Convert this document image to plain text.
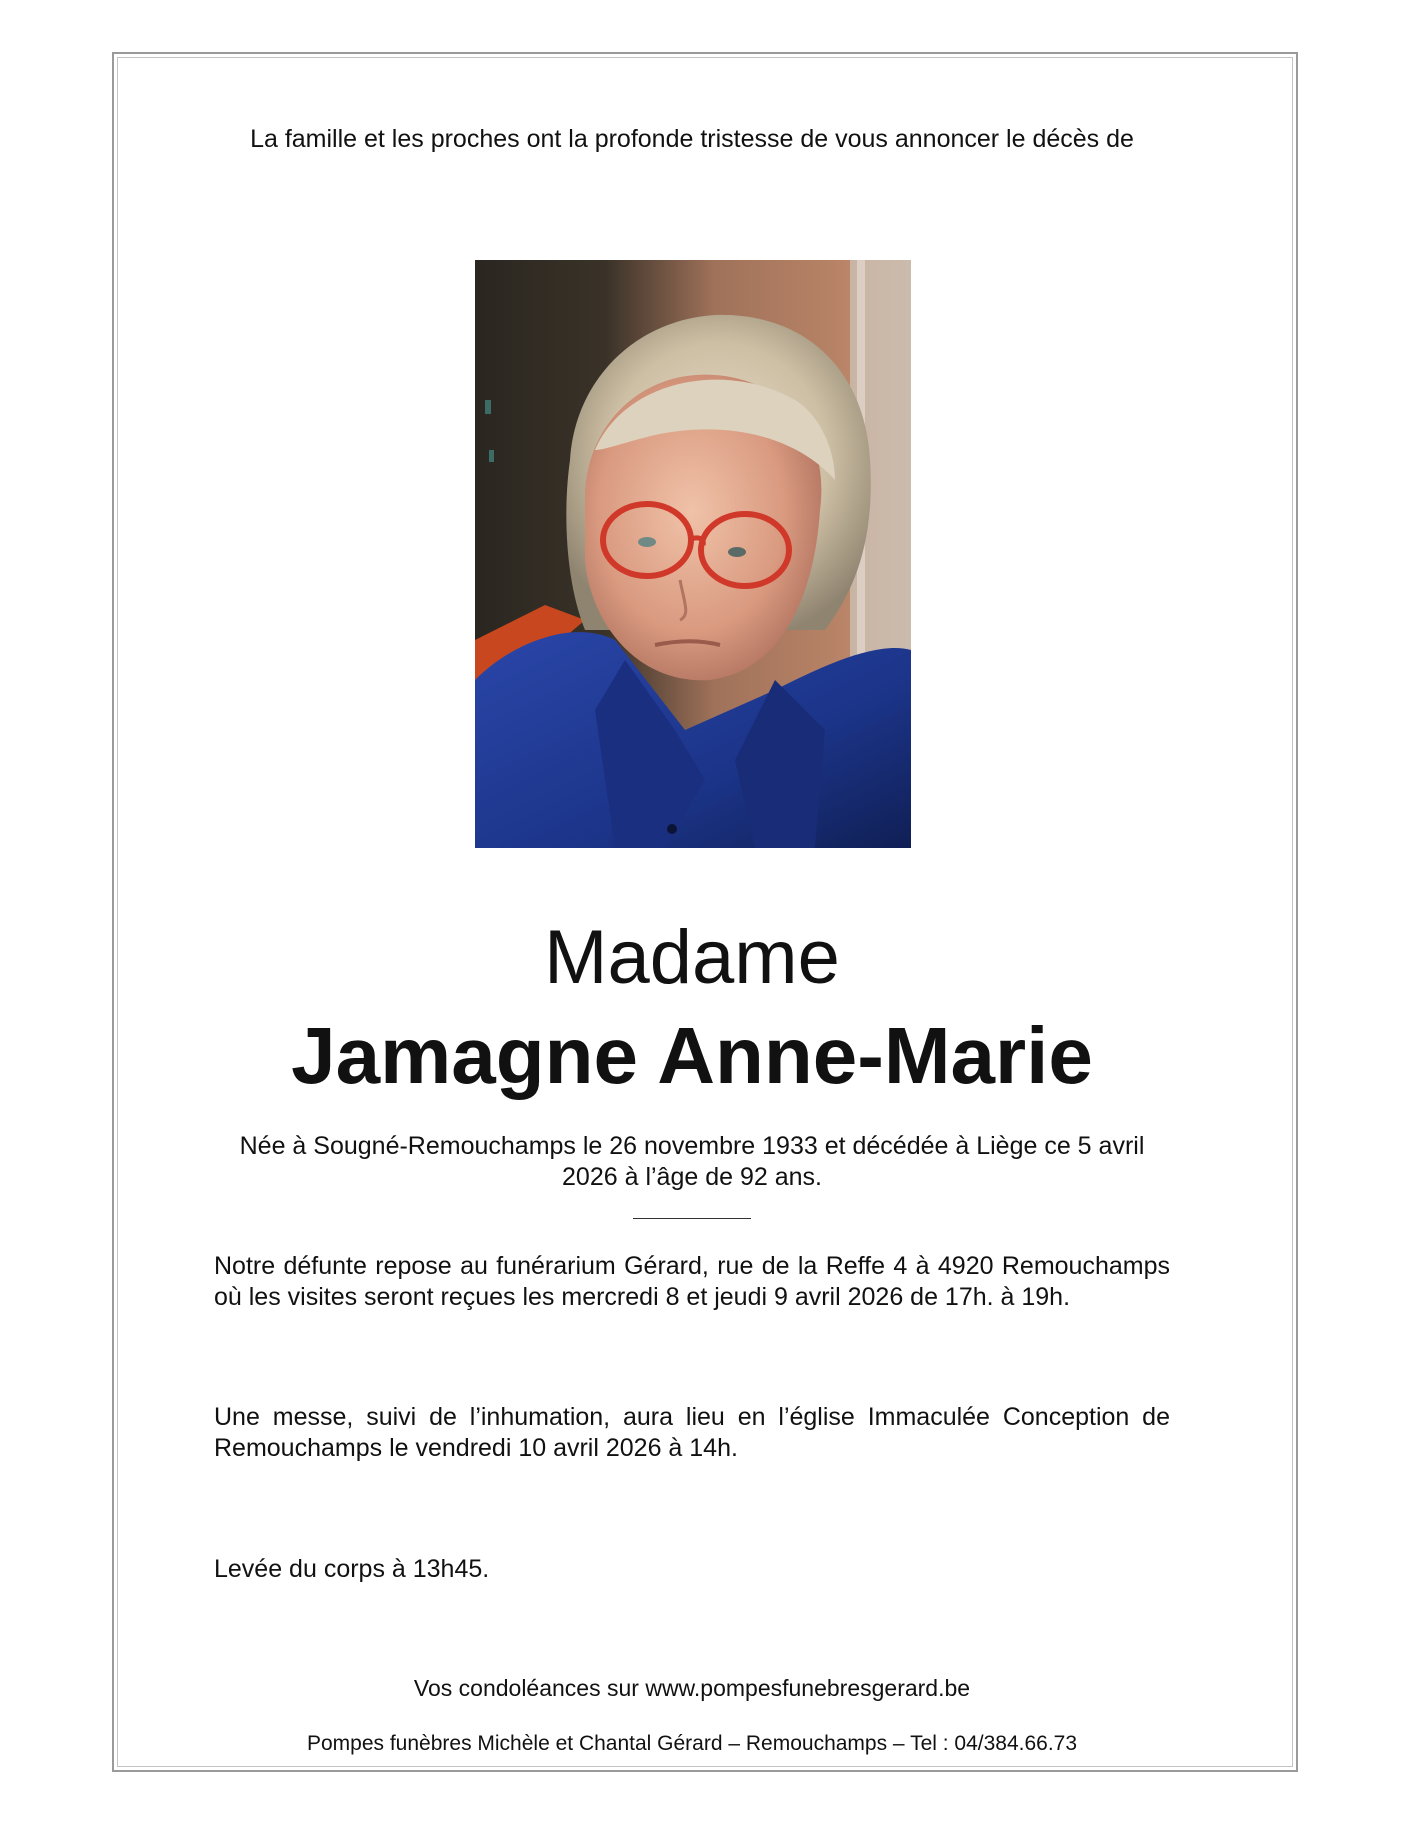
La famille et les proches ont la profonde tristesse de vous annoncer le décès de
Madame
Jamagne Anne-Marie
Née à Sougné-Remouchamps le 26 novembre 1933 et décédée à Liège ce 5 avril 2026 à l’âge de 92 ans.
Notre défunte repose au funérarium Gérard, rue de la Reffe 4 à 4920 Remouchamps où les visites seront reçues les mercredi 8 et jeudi 9 avril 2026 de 17h. à 19h.
Une messe, suivi de l’inhumation, aura lieu en l’église Immaculée Conception de Remouchamps le vendredi 10 avril 2026 à 14h.
Levée du corps à 13h45.
Vos condoléances sur www.pompesfunebresgerard.be
Pompes funèbres Michèle et Chantal Gérard – Remouchamps – Tel : 04/384.66.73
